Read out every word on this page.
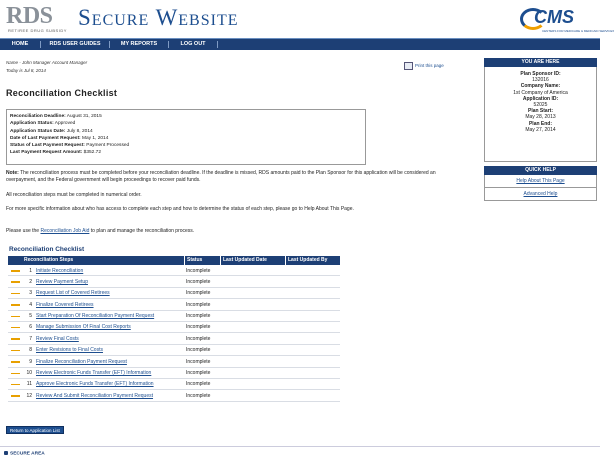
RDS
RETIREE DRUG SUBSIDY
Secure Website	CMS
CENTERS FOR MEDICARE & MEDICAID SERVICES
HOME	RDS USER GUIDES	MY REPORTS	LOG OUT
Name - John Manager Account Manager
Today is Jul 8, 2014
Print this page
Reconciliation Checklist
Reconciliation Deadline: August 31, 2015
Application Status: Approved
Application Status Date: July 8, 2014
Date of Last Payment Request: May 1, 2014
Status of Last Payment Request: Payment Processed
Last Payment Request Amount: $352.72
Note: The reconciliation process must be completed before your reconciliation deadline. If the deadline is missed, RDS amounts paid to the Plan Sponsor for this application will be considered an overpayment, and the Federal government will begin proceedings to recover paid funds.
All reconciliation steps must be completed in numerical order.
For more specific information about who has access to complete each step and how to determine the status of each step, please go to Help About This Page.
Please use the Reconciliation Job Aid to plan and manage the reconciliation process.
Reconciliation Checklist
Reconciliation Steps	Status	Last Updated Date	Last Updated By
1 Initiate Reconciliation	Incomplete
2 Review Payment Setup	Incomplete
3 Request List of Covered Retirees	Incomplete
4 Finalize Covered Retirees	Incomplete
5 Start Preparation Of Reconciliation Payment Request	Incomplete
6 Manage Submission Of Final Cost Reports	Incomplete
7 Review Final Costs	Incomplete
8 Enter Revisions to Final Costs	Incomplete
9 Finalize Reconciliation Payment Request	Incomplete
10 Review Electronic Funds Transfer (EFT) Information	Incomplete
11 Approve Electronic Funds Transfer (EFT) Information	Incomplete
12 Review And Submit Reconciliation Payment Request	Incomplete
Return to Application List
SECURE AREA
YOU ARE HERE
Plan Sponsor ID:
132016
Company Name:
1st Company of America
Application ID:
52025
Plan Start:
May 28, 2013
Plan End:
May 27, 2014
QUICK HELP
Help About This Page
Advanced Help
